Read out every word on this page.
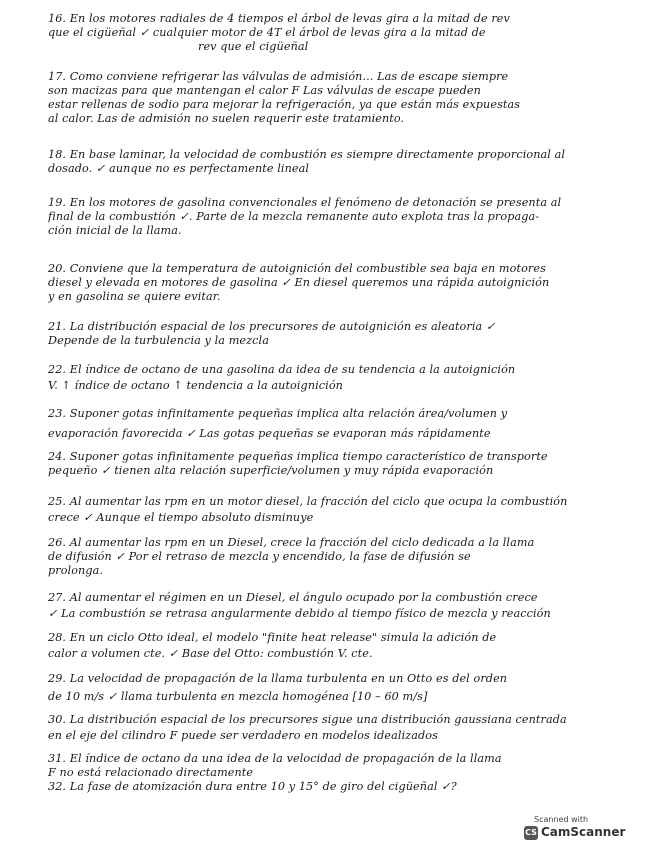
16. En los motores radiales de 4 tiempos el árbol de levas gira a la mitad de rev
que el cigüeñal ✓ cualquier motor de 4T el árbol de levas gira a la mitad de
rev que el cigüeñal
17. Como conviene refrigerar las válvulas de admisión... Las de escape siempre
son macizas para que mantengan el calor F Las válvulas de escape pueden
estar rellenas de sodio para mejorar la refrigeración, ya que están más expuestas
al calor. Las de admisión no suelen requerir este tratamiento.
18. En base laminar, la velocidad de combustión es siempre directamente proporcional al
dosado. ✓ aunque no es perfectamente lineal
19. En los motores de gasolina convencionales el fenómeno de detonación se presenta al
final de la combustión ✓. Parte de la mezcla remanente auto explota tras la propaga-
ción inicial de la llama.
20. Conviene que la temperatura de autoignición del combustible sea baja en motores
diesel y elevada en motores de gasolina ✓ En diesel queremos una rápida autoignición
y en gasolina se quiere evitar.
21. La distribución espacial de los precursores de autoignición es aleatoria ✓
Depende de la turbulencia y la mezcla
22. El índice de octano de una gasolina da idea de su tendencia a la autoignición
V. ↑ índice de octano ↑ tendencia a la autoignición
23. Suponer gotas infinitamente pequeñas implica alta relación área/volumen y
evaporación favorecida ✓ Las gotas pequeñas se evaporan más rápidamente
24. Suponer gotas infinitamente pequeñas implica tiempo característico de transporte
pequeño ✓ tienen alta relación superficie/volumen y muy rápida evaporación
25. Al aumentar las rpm en un motor diesel, la fracción del ciclo que ocupa la combustión
crece ✓ Aunque el tiempo absoluto disminuye
26. Al aumentar las rpm en un Diesel, crece la fracción del ciclo dedicada a la llama
de difusión ✓ Por el retraso de mezcla y encendido, la fase de difusión se
prolonga.
27. Al aumentar el régimen en un Diesel, el ángulo ocupado por la combustión crece
✓ La combustión se retrasa angularmente debido al tiempo físico de mezcla y reacción
28. En un ciclo Otto ideal, el modelo "finite heat release" simula la adición de
calor a volumen cte. ✓ Base del Otto: combustión V. cte.
29. La velocidad de propagación de la llama turbulenta en un Otto es del orden
de 10 m/s ✓ llama turbulenta en mezcla homogénea [10 – 60 m/s]
30. La distribución espacial de los precursores sigue una distribución gaussiana centrada
en el eje del cilindro F puede ser verdadero en modelos idealizados
31. El índice de octano da una idea de la velocidad de propagación de la llama
F no está relacionado directamente
32. La fase de atomización dura entre 10 y 15° de giro del cigüeñal ✓?
Scanned with
CS CamScanner
